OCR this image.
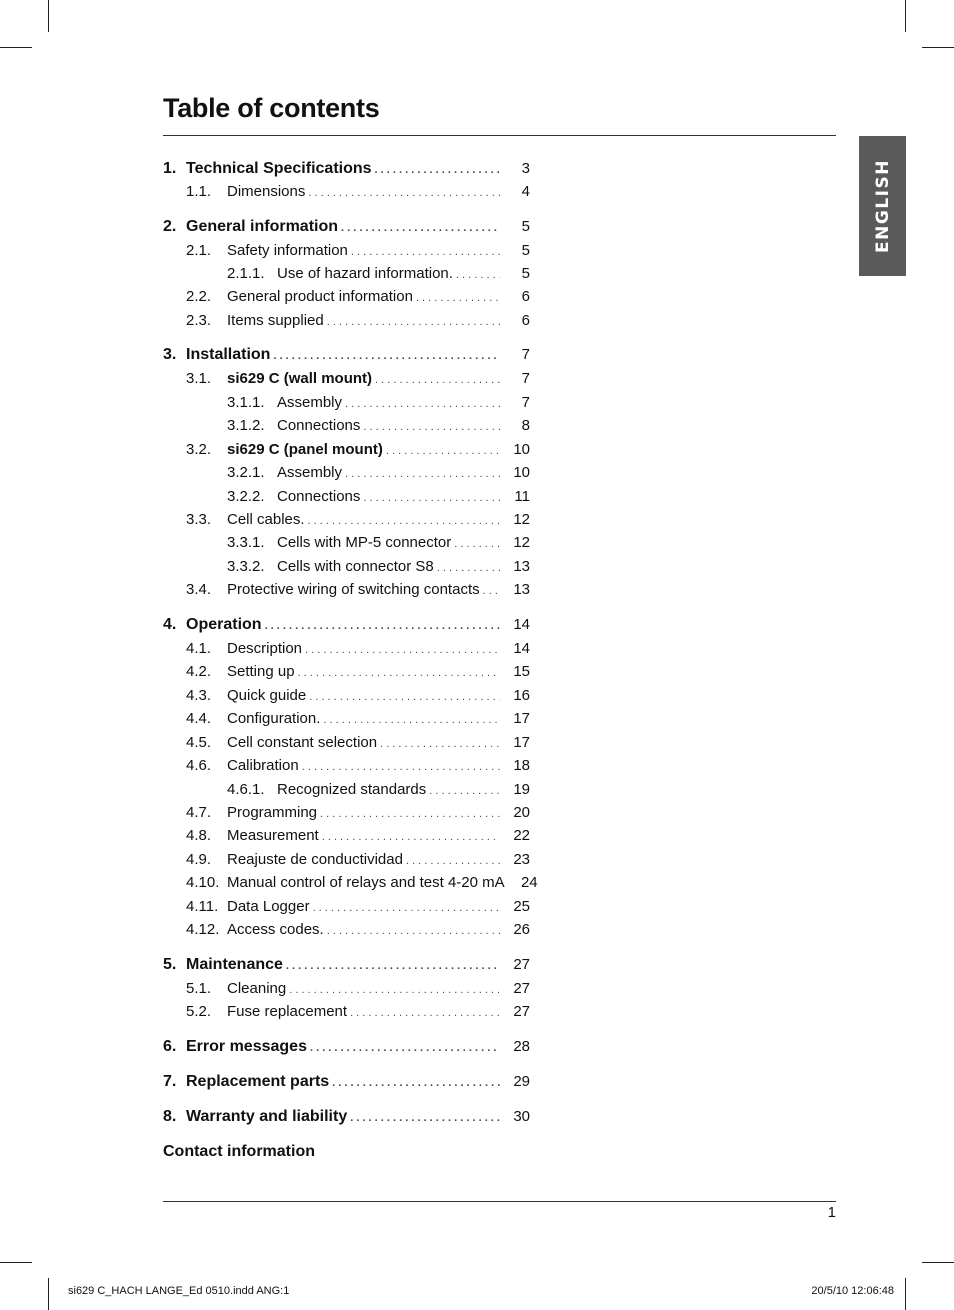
Table of contents
ENGLISH
1. Technical Specifications . . .	3
1.1.	Dimensions . . .	4
2. General information . . .	5
2.1.	Safety information . . .	5
2.1.1. Use of hazard information. . . .	5
2.2.	General product information . . .	6
2.3.	Items supplied . . .	6
3. Installation . . .	7
3.1.	si629 C (wall mount) . . .	7
3.1.1. Assembly . . .	7
3.1.2. Connections . . .	8
3.2.	si629 C (panel mount) . . .	10
3.2.1. Assembly . . .	10
3.2.2. Connections . . .	11
3.3.	Cell cables. . . .	12
3.3.1. Cells with MP-5 connector . . .	12
3.3.2. Cells with connector S8 . . .	13
3.4.	Protective wiring of switching contacts . . .	13
4. Operation . . .	14
4.1.	Description . . .	14
4.2.	Setting up . . .	15
4.3.	Quick guide . . .	16
4.4.	Configuration. . . .	17
4.5.	Cell constant selection . . .	17
4.6.	Calibration . . .	18
4.6.1. Recognized standards . . .	19
4.7.	Programming . . .	20
4.8.	Measurement . . .	22
4.9.	Reajuste de conductividad . . .	23
4.10. Manual control of relays and test 4-20 mA	24
4.11. Data Logger . . .	25
4.12. Access codes. . . .	26
5. Maintenance . . .	27
5.1.	Cleaning . . .	27
5.2.	Fuse replacement . . .	27
6. Error messages . . .	28
7. Replacement parts . . .	29
8. Warranty and liability . . .	30
Contact information
1
si629 C_HACH LANGE_Ed 0510.indd ANG:1	20/5/10 12:06:48
